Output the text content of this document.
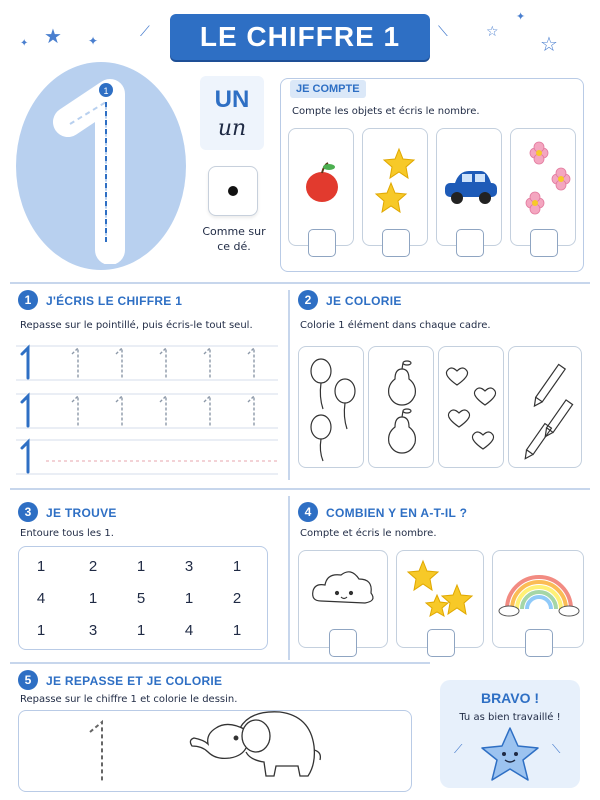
★ ✦
✦	☆
✦
☆
⟋	⟍
LE CHIFFRE 1
1	UN
un
Comme sur
ce dé.
JE COMPTE
Compte les objets et écris le nombre.
1	J'ÉCRIS LE CHIFFRE 1
Repasse sur le pointillé, puis écris-le tout seul.
2	JE COLORIE
Colorie 1 élément dans chaque cadre.
3	JE TROUVE
Entoure tous les 1.
1	2	1	3	1
4	1	5	1	2
1	3	1	4	1
4	COMBIEN Y EN A-T-IL ?
Compte et écris le nombre.
5	JE REPASSE ET JE COLORIE
Repasse sur le chiffre 1 et colorie le dessin.	BRAVO !
Tu as bien travaillé !
⟋	⟍
